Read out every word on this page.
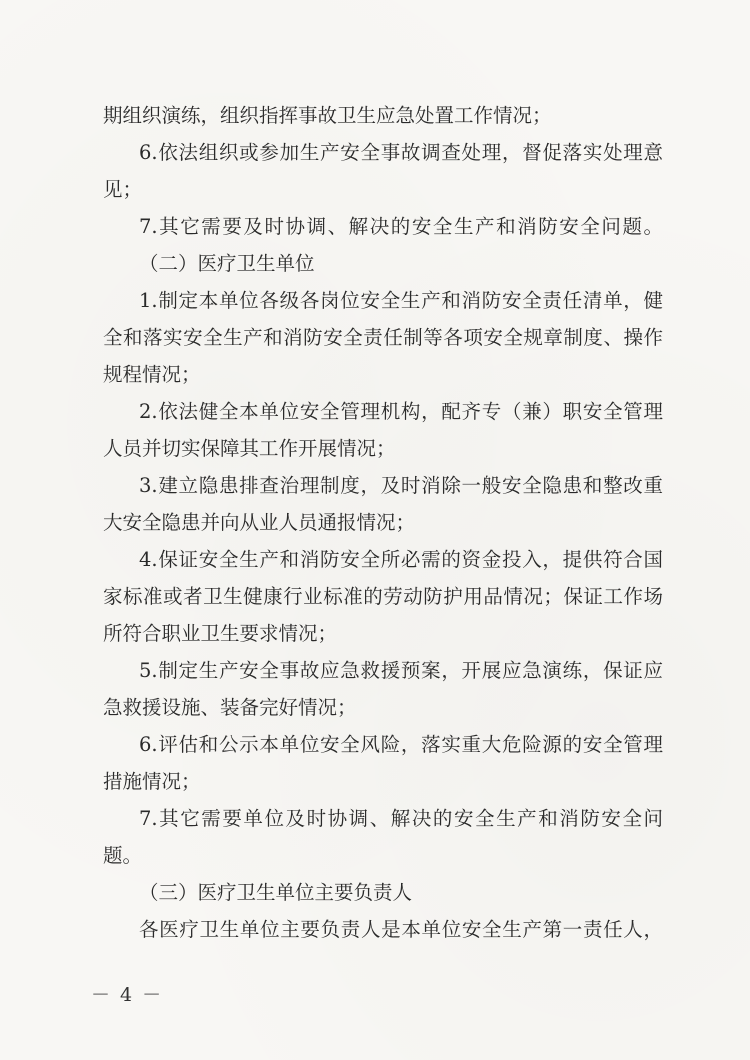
期组织演练，组织指挥事故卫生应急处置工作情况；
6.依法组织或参加生产安全事故调查处理，督促落实处理意
见；
7.其它需要及时协调、解决的安全生产和消防安全问题。
（二）医疗卫生单位
1.制定本单位各级各岗位安全生产和消防安全责任清单，健
全和落实安全生产和消防安全责任制等各项安全规章制度、操作
规程情况；
2.依法健全本单位安全管理机构，配齐专（兼）职安全管理
人员并切实保障其工作开展情况；
3.建立隐患排查治理制度，及时消除一般安全隐患和整改重
大安全隐患并向从业人员通报情况；
4.保证安全生产和消防安全所必需的资金投入，提供符合国
家标准或者卫生健康行业标准的劳动防护用品情况；保证工作场
所符合职业卫生要求情况；
5.制定生产安全事故应急救援预案，开展应急演练，保证应
急救援设施、装备完好情况；
6.评估和公示本单位安全风险，落实重大危险源的安全管理
措施情况；
7.其它需要单位及时协调、解决的安全生产和消防安全问
题。
（三）医疗卫生单位主要负责人
各医疗卫生单位主要负责人是本单位安全生产第一责任人，
－ 4 －
